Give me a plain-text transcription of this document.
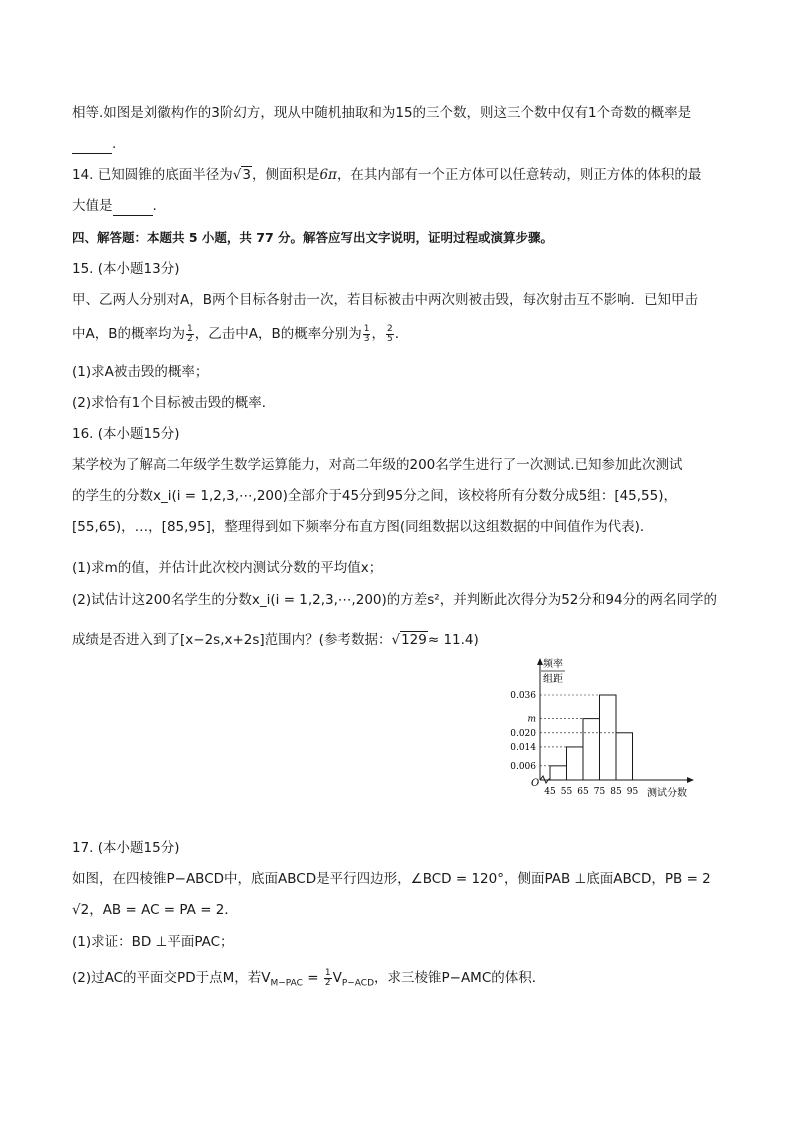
相等.如图是刘徽构作的3阶幻方，现从中随机抽取和为15的三个数，则这三个数中仅有1个奇数的概率是
.
14. 已知圆锥的底面半径为√3，侧面积是6π，在其内部有一个正方体可以任意转动，则正方体的体积的最
大值是	.
四、解答题：本题共 5 小题，共 77 分。解答应写出文字说明，证明过程或演算步骤。
15. (本小题13分)
甲、乙两人分别对A，B两个目标各射击一次，若目标被击中两次则被击毁，每次射击互不影响．已知甲击
中A，B的概率均为 $\frac{1}{2}$ ，乙击中A，B的概率分别为 $\frac{1}{3}$ ， $\frac{2}{5}$ .
(1)求A被击毁的概率；
(2)求恰有1个目标被击毁的概率．
16. (本小题15分)
某学校为了解高二年级学生数学运算能力，对高二年级的200名学生进行了一次测试.已知参加此次测试
的学生的分数x_i(i = 1,2,3,⋯,200)全部介于45分到95分之间，该校将所有分数分成5组：[45,55)，
[55,65)，…，[85,95]，整理得到如下频率分布直方图(同组数据以这组数据的中间值作为代表)．
(1)求m的值，并估计此次校内测试分数的平均值x；
(2)试估计这200名学生的分数x_i(i = 1,2,3,⋯,200)的方差s²，并判断此次得分为52分和94分的两名同学的
成绩是否进入到了[x−2s,x+2s]范围内？(参考数据：√129≈ 11.4)
0.006
0.014
0.020
m
0.036
45 55 65 75 85 95
O
频率
组距
测试分数
17. (本小题15分)
如图，在四棱锥P−ABCD中，底面ABCD是平行四边形，∠BCD = 120°，侧面PAB ⊥底面ABCD，PB = 2
√2，AB = AC = PA = 2．
(1)求证：BD ⊥平面PAC；
(2)过AC的平面交PD于点M，若$V_{M-PAC} = \frac{1}{2} V_{P-ACD}$，求三棱锥P−AMC的体积．
